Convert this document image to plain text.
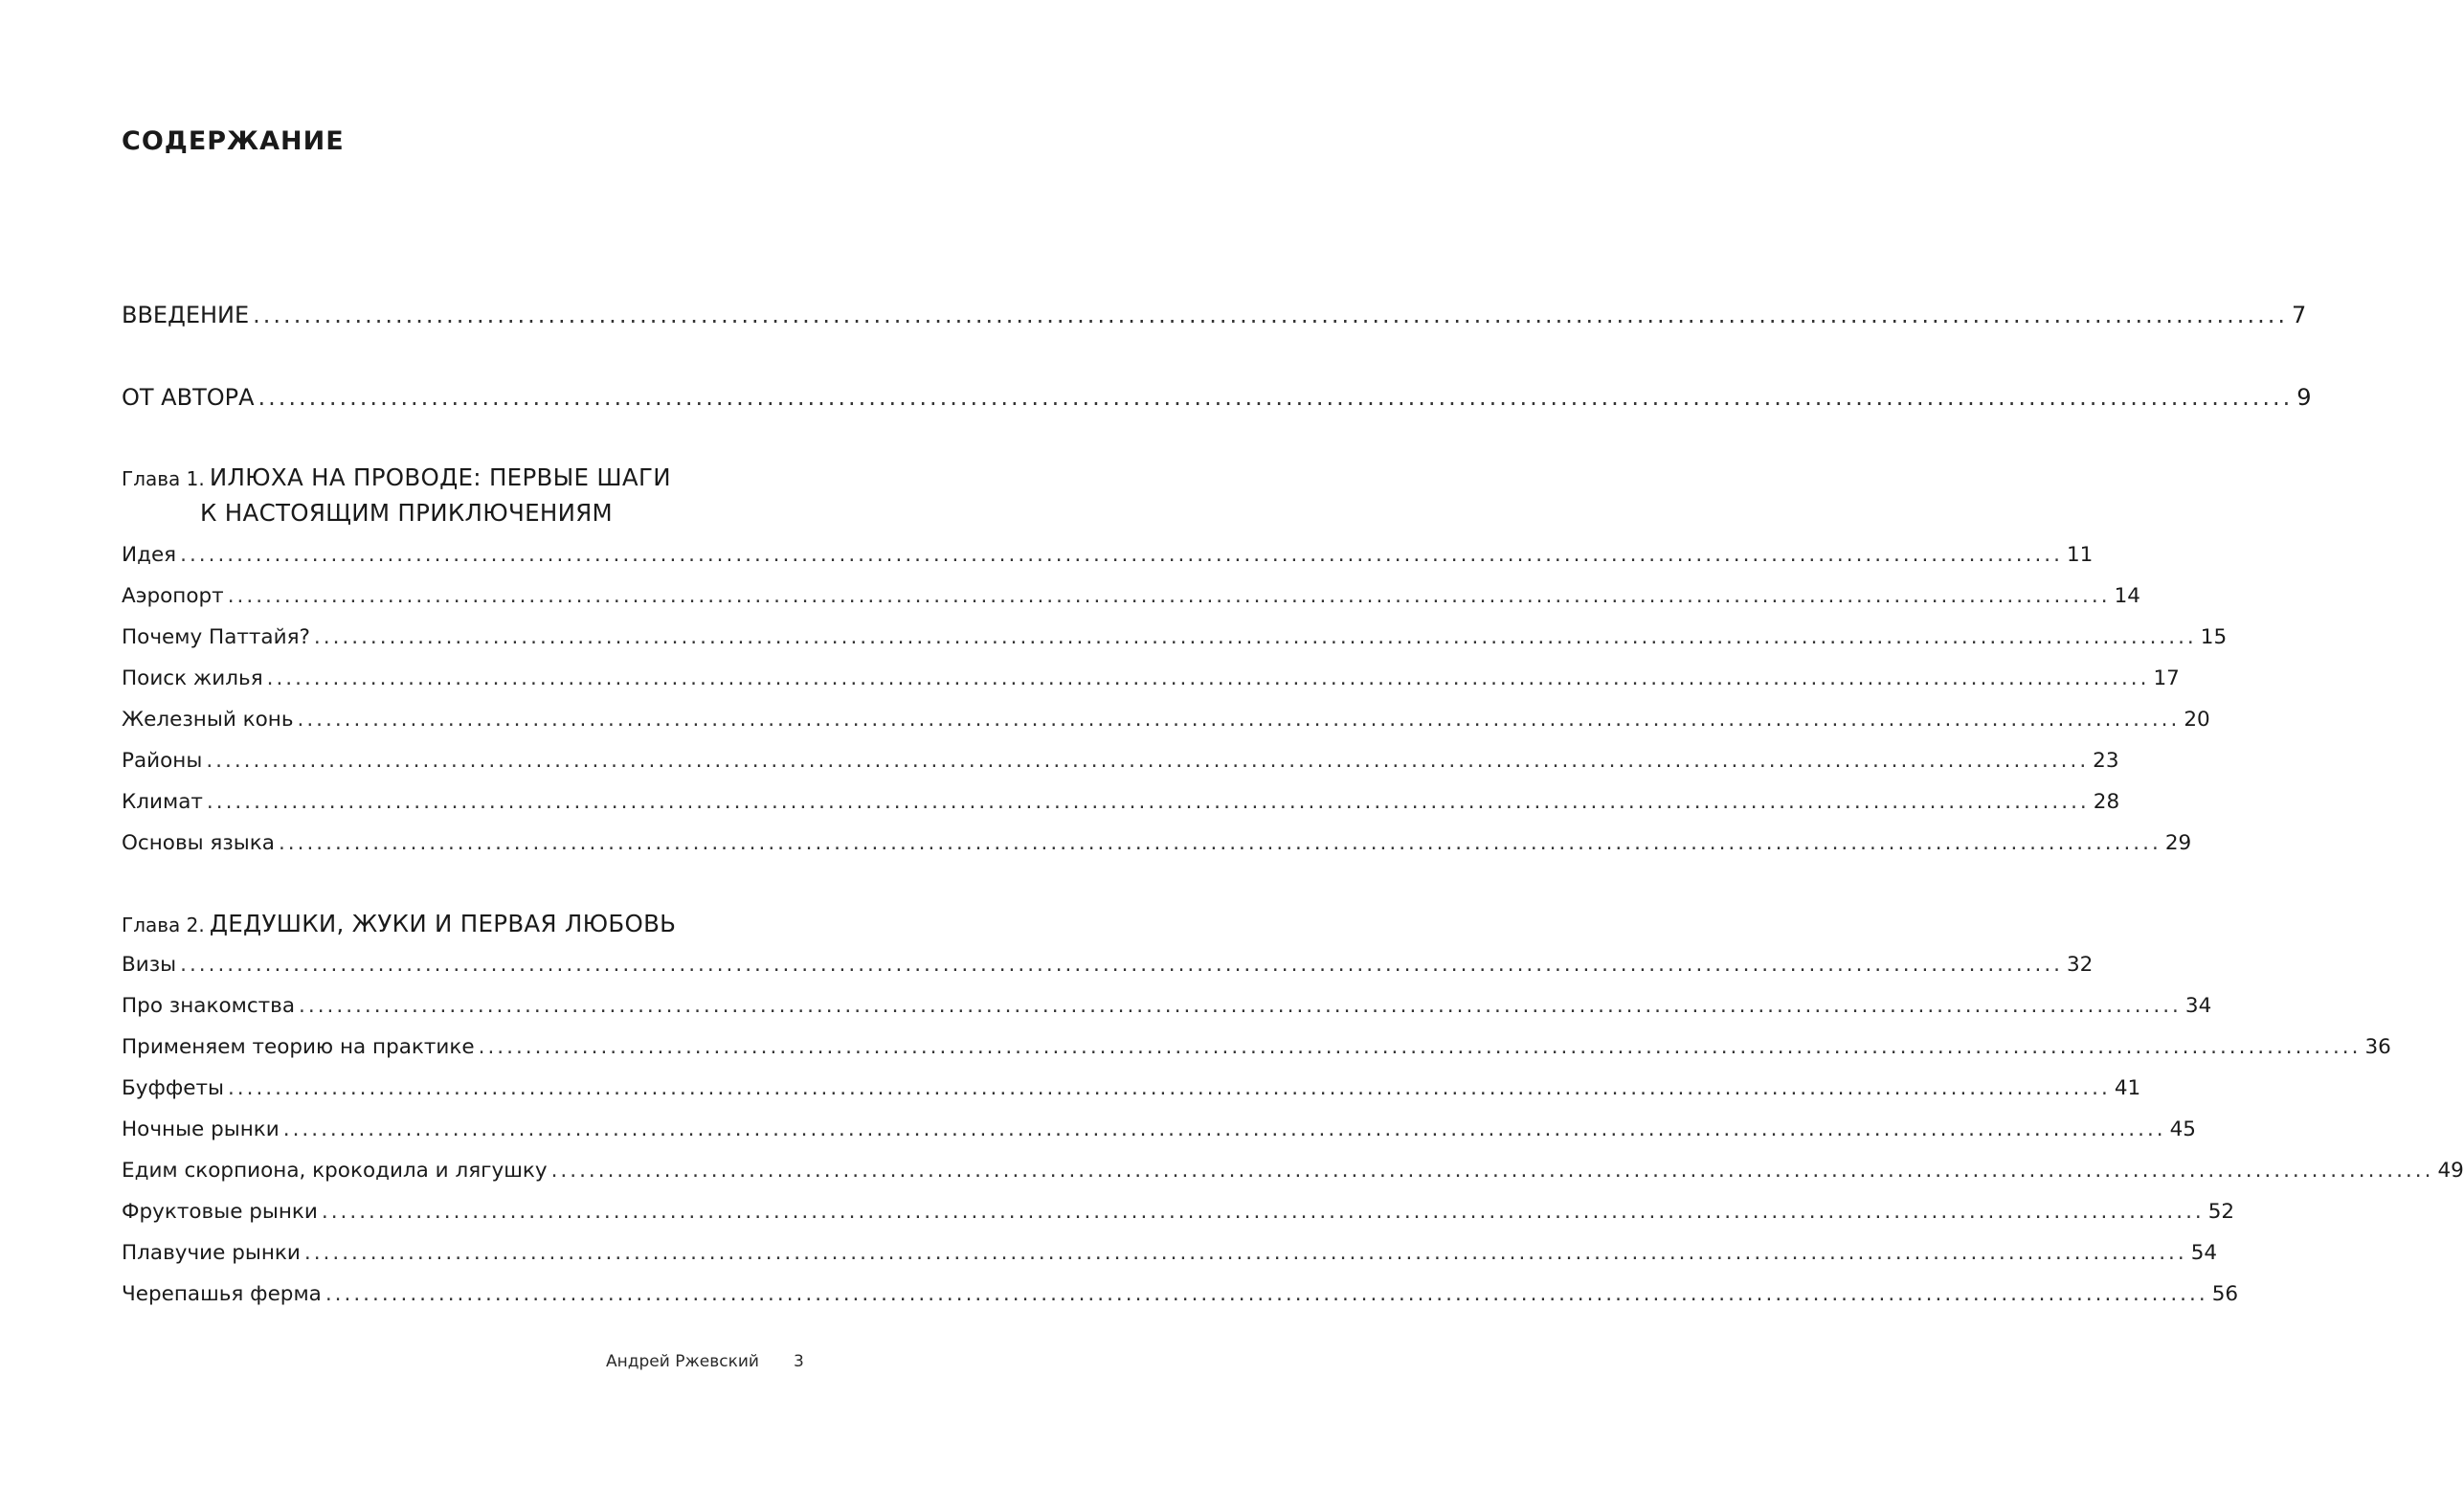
СОДЕРЖАНИЕ
ВВЕДЕНИЕ ........................................................................................................................................................................................................ 7
ОТ АВТОРА ........................................................................................................................................................................................................ 9
Глава 1. ИЛЮХА НА ПРОВОДЕ: ПЕРВЫЕ ШАГИ
К НАСТОЯЩИМ ПРИКЛЮЧЕНИЯМ
Идея ........................................................................................................................................................................................................ 11
Аэропорт ........................................................................................................................................................................................................ 14
Почему Паттайя? ........................................................................................................................................................................................................ 15
Поиск жилья ........................................................................................................................................................................................................ 17
Железный конь ........................................................................................................................................................................................................ 20
Районы ........................................................................................................................................................................................................ 23
Климат ........................................................................................................................................................................................................ 28
Основы языка ........................................................................................................................................................................................................ 29
Глава 2. ДЕДУШКИ, ЖУКИ И ПЕРВАЯ ЛЮБОВЬ
Визы ........................................................................................................................................................................................................ 32
Про знакомства ........................................................................................................................................................................................................ 34
Применяем теорию на практике ........................................................................................................................................................................................................ 36
Буффеты ........................................................................................................................................................................................................ 41
Ночные рынки ........................................................................................................................................................................................................ 45
Едим скорпиона, крокодила и лягушку ........................................................................................................................................................................................................ 49
Фруктовые рынки ........................................................................................................................................................................................................ 52
Плавучие рынки ........................................................................................................................................................................................................ 54
Черепашья ферма ........................................................................................................................................................................................................ 56
Андрей Ржевский 3
